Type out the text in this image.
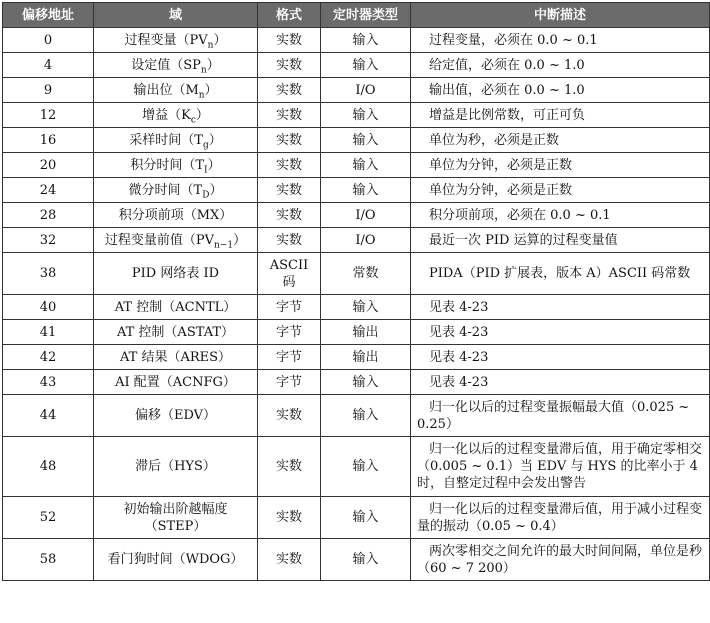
偏移地址	域	格式	定时器类型	中断描述
0	过程变量$(PV_n)$	实数	输入	过程变量，必须在 0.0 ~ 0.1
4	设定值$(SP_n)$	实数	输入	给定值，必须在 0.0 ~ 1.0
9	输出位$(M_n)$	实数	I/O	输出值，必须在 0.0 ~ 1.0
12	增益$(K_c)$	实数	输入	增益是比例常数，可正可负
16	采样时间$(T_g)$	实数	输入	单位为秒，必须是正数
20	积分时间$(T_I)$	实数	输入	单位为分钟，必须是正数
24	微分时间$(T_D)$	实数	输入	单位为分钟，必须是正数
28	积分项前项（MX）	实数	I/O	积分项前项，必须在 0.0 ~ 0.1
32	过程变量前值$(PV_{n-1})$	实数	I/O	最近一次 PID 运算的过程变量值
38	PID 网络表 ID	ASCII 码	常数	PIDA（PID 扩展表，版本 A）ASCII 码常数
40	AT 控制（ACNTL）	字节	输入	见表 4-23
41	AT 控制（ASTAT）	字节	输出	见表 4-23
42	AT 结果（ARES）	字节	输出	见表 4-23
43	AI 配置（ACNFG）	字节	输入	见表 4-23
44	偏移（EDV）	实数	输入	归一化以后的过程变量振幅最大值（0.025 ~ 0.25）
48	滞后（HYS）	实数	输入	归一化以后的过程变量滞后值，用于确定零相交（0.005 ~ 0.1）当 EDV 与 HYS 的比率小于 4 时，自整定过程中会发出警告
52	初始输出阶越幅度（STEP）	实数	输入	归一化以后的过程变量滞后值，用于减小过程变量的振动（0.05 ~ 0.4）
58	看门狗时间（WDOG）	实数	输入	两次零相交之间允许的最大时间间隔，单位是秒（60 ~ 7 200）
